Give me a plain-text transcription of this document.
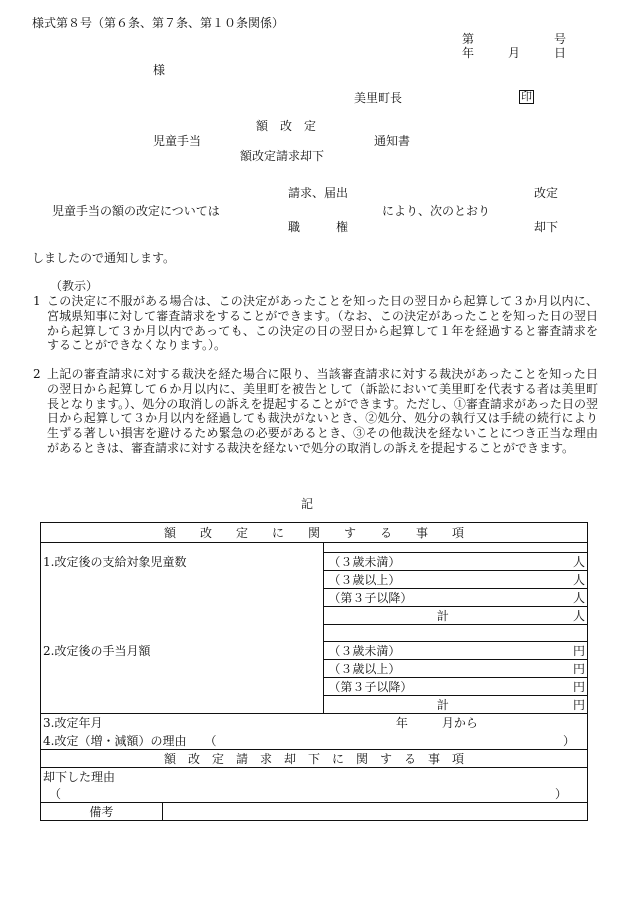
様式第８号（第６条、第７条、第１０条関係）
第	号
年	月	日
様
美里町長	印
額　改　定
児童手当	通知書
額改定請求却下
請求、届出	改定
児童手当の額の改定については	により、次のとおり
職　　　権	却下
しましたので通知します。
（教示）
1 この決定に不服がある場合は、この決定があったことを知った日の翌日から起算して３か月以内に、宮城県知事に対して審査請求をすることができます。（なお、この決定があったことを知った日の翌日から起算して３か月以内であっても、この決定の日の翌日から起算して１年を経過すると審査請求をすることができなくなります。）。
2 上記の審査請求に対する裁決を経た場合に限り、当該審査請求に対する裁決があったことを知った日の翌日から起算して６か月以内に、美里町を被告として（訴訟において美里町を代表する者は美里町長となります。）、処分の取消しの訴えを提起することができます。ただし、①審査請求があった日の翌日から起算して３か月以内を経過しても裁決がないとき、②処分、処分の執行又は手続の続行により生ずる著しい損害を避けるため緊急の必要があるとき、③その他裁決を経ないことにつき正当な理由があるときは、審査請求に対する裁決を経ないで処分の取消しの訴えを提起することができます。
記
額　　改　　定　　に　　関　　す　　る　　事　　項			

1.改定後の支給対象児童数		（３歳未満）	人
		（３歳以上）	人
		（第３子以降）	人
		計	人

2.改定後の手当月額		（３歳未満）	円
		（３歳以上）	円
		（第３子以降）	円
		計	円
3.改定年月		年 月から	
4.改定（増・減額）の理由 （ ）			

額　改　定　請　求　却　下　に　関　す　る　事　項			
却下した理由			
（ ）			

備考			
